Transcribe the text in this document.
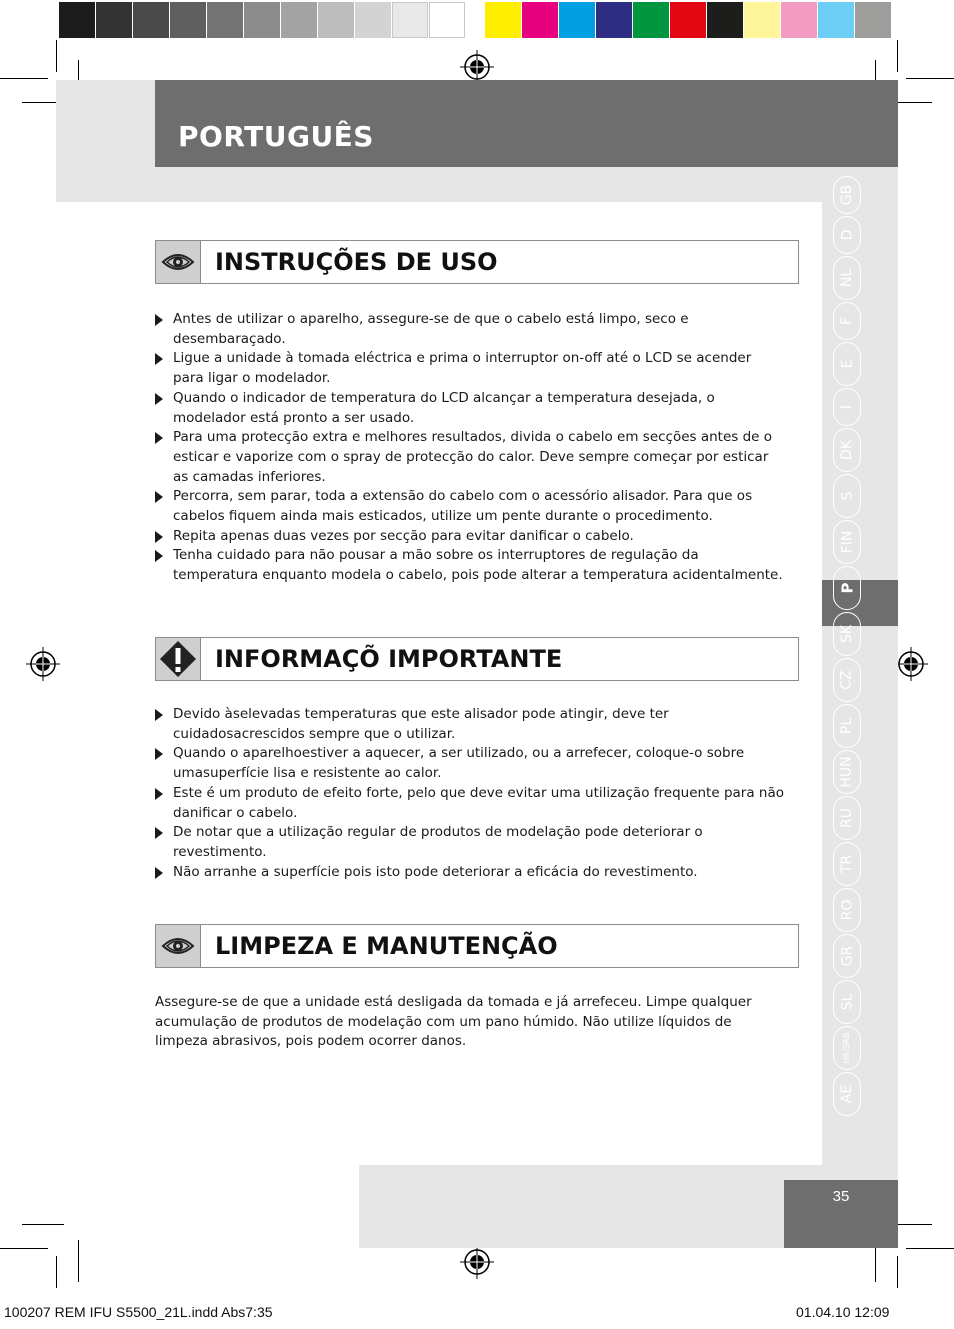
PORTUGUÊS
GB
D
NL
F
E
I
DK
S
FIN
P
SK
CZ
PL
HUN
RU
TR
RO
GR
SL
HR/SRB
AE
INSTRUÇÕES DE USO
Antes de utilizar o aparelho, assegure-se de que o cabelo está limpo, seco e desembaraçado.
Ligue a unidade à tomada eléctrica e prima o interruptor on-off até o LCD se acender para ligar o modelador.
Quando o indicador de temperatura do LCD alcançar a temperatura desejada, o modelador está pronto a ser usado.
Para uma protecção extra e melhores resultados, divida o cabelo em secções antes de o esticar e vaporize com o spray de protecção do calor. Deve sempre começar por esticar as camadas inferiores.
Percorra, sem parar, toda a extensão do cabelo com o acessório alisador. Para que os cabelos fiquem ainda mais esticados, utilize um pente durante o procedimento.
Repita apenas duas vezes por secção para evitar danificar o cabelo.
Tenha cuidado para não pousar a mão sobre os interruptores de regulação da temperatura enquanto modela o cabelo, pois pode alterar a temperatura acidentalmente.
INFORMAÇÕ IMPORTANTE
Devido àselevadas temperaturas que este alisador pode atingir, deve ter cuidadosacrescidos sempre que o utilizar.
Quando o aparelhoestiver a aquecer, a ser utilizado, ou a arrefecer, coloque-o sobre umasuperfície lisa e resistente ao calor.
Este é um produto de efeito forte, pelo que deve evitar uma utilização frequente para não danificar o cabelo.
De notar que a utilização regular de produtos de modelação pode deteriorar o revestimento.
Não arranhe a superfície pois isto pode deteriorar a eficácia do revestimento.
LIMPEZA E MANUTENÇÃO

Assegure-se de que a unidade está desligada da tomada e já arrefeceu. Limpe qualquer acumulação de produtos de modelação com um pano húmido. Não utilize líquidos de limpeza abrasivos, pois podem ocorrer danos.

35
100207 REM IFU S5500_21L.indd Abs7:35	01.04.10 12:09
